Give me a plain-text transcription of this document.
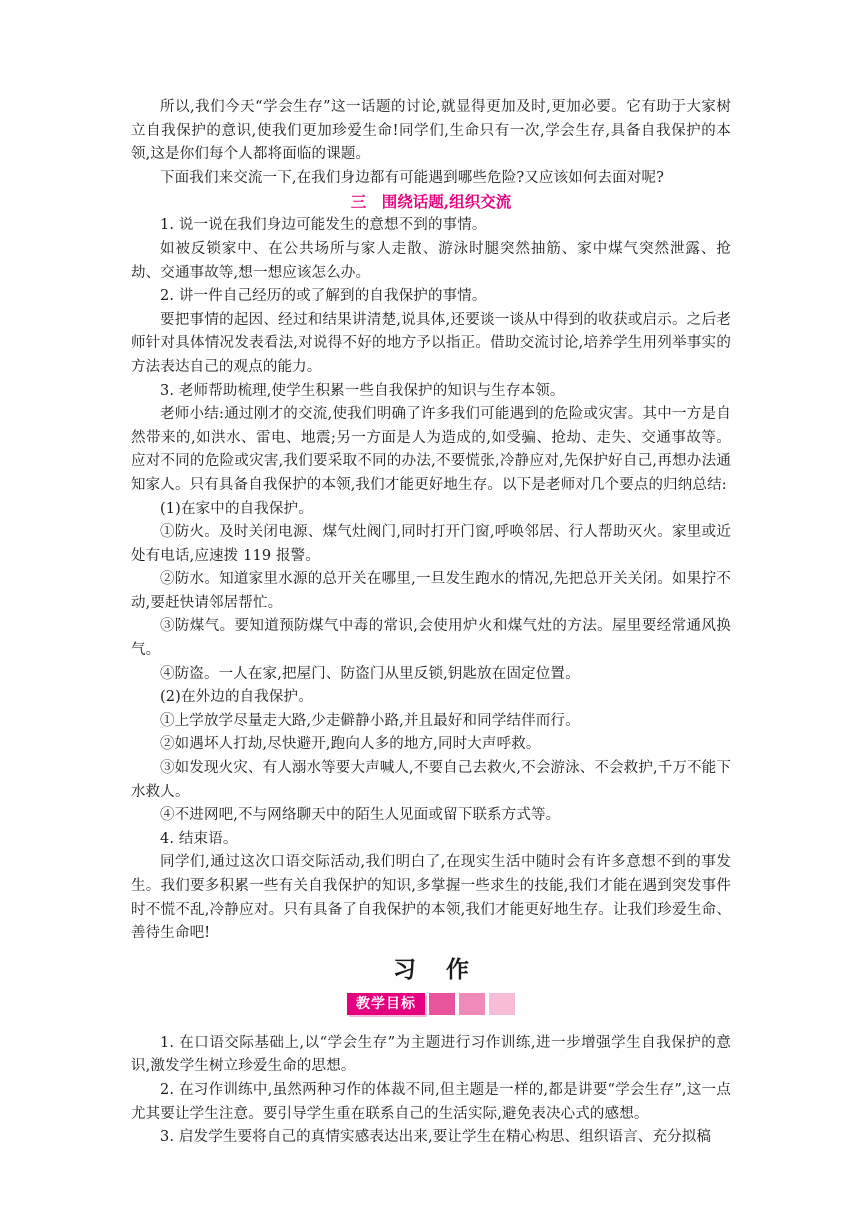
所以,我们今天“学会生存”这一话题的讨论,就显得更加及时,更加必要。它有助于大家树立自我保护的意识,使我们更加珍爱生命!同学们,生命只有一次,学会生存,具备自我保护的本领,这是你们每个人都将面临的课题。

下面我们来交流一下,在我们身边都有可能遇到哪些危险?又应该如何去面对呢?

三　围绕话题,组织交流

1. 说一说在我们身边可能发生的意想不到的事情。

如被反锁家中、在公共场所与家人走散、游泳时腿突然抽筋、家中煤气突然泄露、抢劫、交通事故等,想一想应该怎么办。

2. 讲一件自己经历的或了解到的自我保护的事情。

要把事情的起因、经过和结果讲清楚,说具体,还要谈一谈从中得到的收获或启示。之后老师针对具体情况发表看法,对说得不好的地方予以指正。借助交流讨论,培养学生用列举事实的方法表达自己的观点的能力。

3. 老师帮助梳理,使学生积累一些自我保护的知识与生存本领。

老师小结:通过刚才的交流,使我们明确了许多我们可能遇到的危险或灾害。其中一方是自然带来的,如洪水、雷电、地震;另一方面是人为造成的,如受骗、抢劫、走失、交通事故等。应对不同的危险或灾害,我们要采取不同的办法,不要慌张,冷静应对,先保护好自己,再想办法通知家人。只有具备自我保护的本领,我们才能更好地生存。以下是老师对几个要点的归纳总结:

(1)在家中的自我保护。

①防火。及时关闭电源、煤气灶阀门,同时打开门窗,呼唤邻居、行人帮助灭火。家里或近处有电话,应速拨 119 报警。

②防水。知道家里水源的总开关在哪里,一旦发生跑水的情况,先把总开关关闭。如果拧不动,要赶快请邻居帮忙。

③防煤气。要知道预防煤气中毒的常识,会使用炉火和煤气灶的方法。屋里要经常通风换气。

④防盗。一人在家,把屋门、防盗门从里反锁,钥匙放在固定位置。

(2)在外边的自我保护。

①上学放学尽量走大路,少走僻静小路,并且最好和同学结伴而行。

②如遇坏人打劫,尽快避开,跑向人多的地方,同时大声呼救。

③如发现火灾、有人溺水等要大声喊人,不要自己去救火,不会游泳、不会救护,千万不能下水救人。

④不进网吧,不与网络聊天中的陌生人见面或留下联系方式等。

4. 结束语。

同学们,通过这次口语交际活动,我们明白了,在现实生活中随时会有许多意想不到的事发生。我们要多积累一些有关自我保护的知识,多掌握一些求生的技能,我们才能在遇到突发事件时不慌不乱,冷静应对。只有具备了自我保护的本领,我们才能更好地生存。让我们珍爱生命、善待生命吧!

习作
教学目标

1. 在口语交际基础上,以“学会生存”为主题进行习作训练,进一步增强学生自我保护的意识,激发学生树立珍爱生命的思想。

2. 在习作训练中,虽然两种习作的体裁不同,但主题是一样的,都是讲要“学会生存”,这一点尤其要让学生注意。要引导学生重在联系自己的生活实际,避免表决心式的感想。

3. 启发学生要将自己的真情实感表达出来,要让学生在精心构思、组织语言、充分拟稿
